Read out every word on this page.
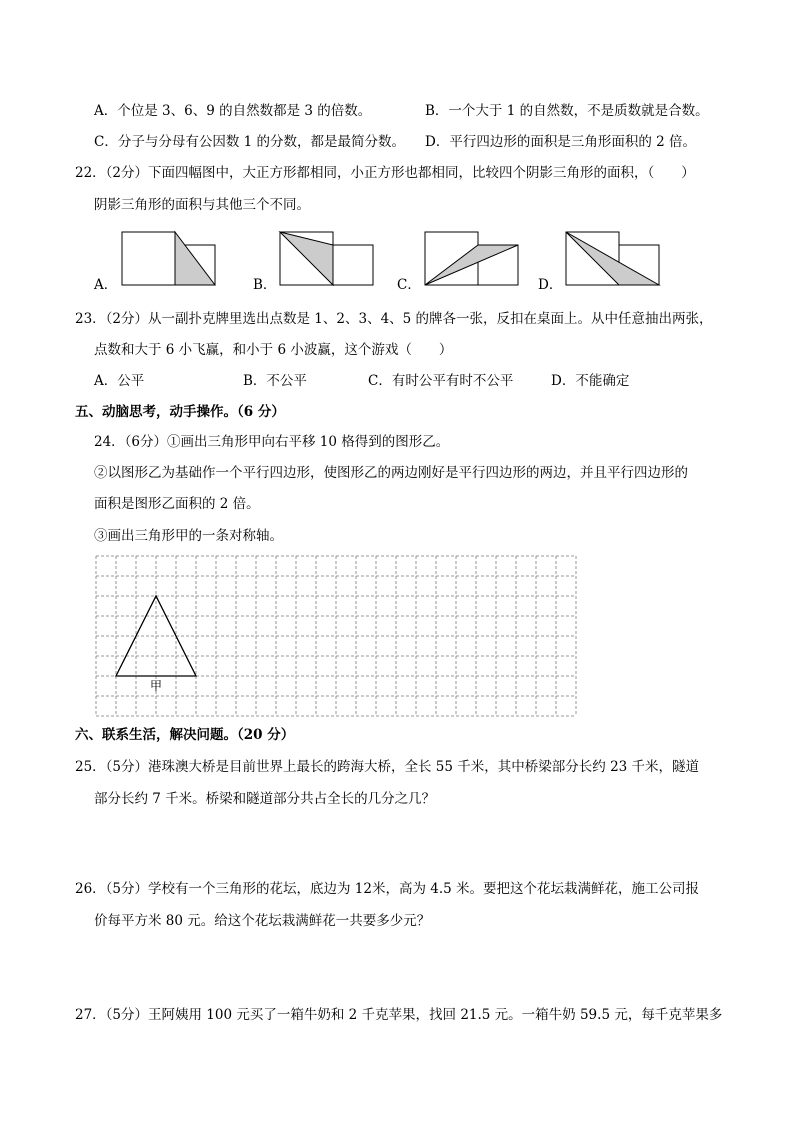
A．个位是 3、6、9 的自然数都是 3 的倍数。	B．一个大于 1 的自然数，不是质数就是合数。
C．分子与分母有公因数 1 的分数，都是最简分数。 D．平行四边形的面积是三角形面积的 2 倍。
22．（2分）下面四幅图中，大正方形都相同，小正方形也都相同，比较四个阴影三角形的面积，（　　）
阴影三角形的面积与其他三个不同。
A．	B．	C．	D．
23．（2分）从一副扑克牌里选出点数是 1、2、3、4、5 的牌各一张，反扣在桌面上。从中任意抽出两张，
点数和大于 6 小飞赢，和小于 6 小波赢，这个游戏（　　）
A．公平	B．不公平	C．有时公平有时不公平	D．不能确定
五、动脑思考，动手操作。（6 分）
24．（6分）①画出三角形甲向右平移 10 格得到的图形乙。
②以图形乙为基础作一个平行四边形，使图形乙的两边刚好是平行四边形的两边，并且平行四边形的
面积是图形乙面积的 2 倍。
③画出三角形甲的一条对称轴。
甲
六、联系生活，解决问题。（20 分）
25．（5分）港珠澳大桥是目前世界上最长的跨海大桥，全长 55 千米，其中桥梁部分长约 23 千米，隧道
部分长约 7 千米。桥梁和隧道部分共占全长的几分之几？
26．（5分）学校有一个三角形的花坛，底边为 12米，高为 4.5 米。要把这个花坛栽满鲜花，施工公司报
价每平方米 80 元。给这个花坛栽满鲜花一共要多少元？
27．（5分）王阿姨用 100 元买了一箱牛奶和 2 千克苹果，找回 21.5 元。一箱牛奶 59.5 元，每千克苹果多
